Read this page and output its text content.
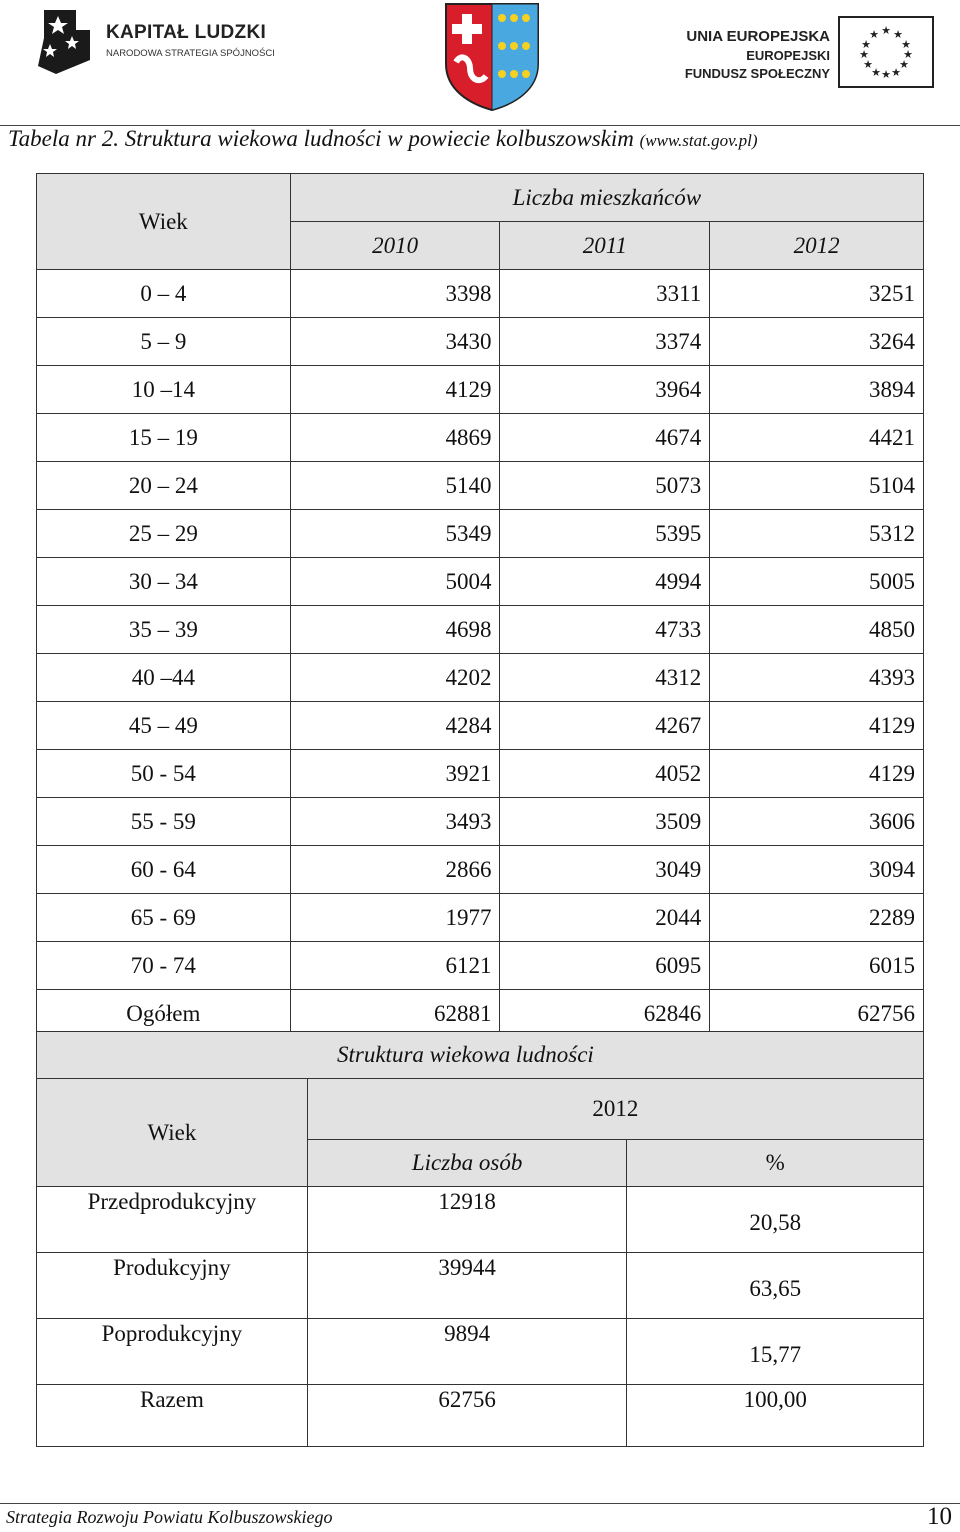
KAPITAŁ LUDZKI
NARODOWA STRATEGIA SPÓJNOŚCI
UNIA EUROPEJSKA
EUROPEJSKI
FUNDUSZ SPOŁECZNY
★ ★
★
★
★
★
★
★
★
★
★
★
Tabela nr 2. Struktura wiekowa ludności w powiecie kolbuszowskim (www.stat.gov.pl)
Wiek	Liczba mieszkańców		
	2010	2011	2012
0 – 4	3398	3311	3251
5 – 9	3430	3374	3264
10 –14	4129	3964	3894
15 – 19	4869	4674	4421
20 – 24	5140	5073	5104
25 – 29	5349	5395	5312
30 – 34	5004	4994	5005
35 – 39	4698	4733	4850
40 –44	4202	4312	4393
45 – 49	4284	4267	4129
50 - 54	3921	4052	4129
55 - 59	3493	3509	3606
60 - 64	2866	3049	3094
65 - 69	1977	2044	2289
70 - 74	6121	6095	6015
Ogółem	62881	62846	62756
Struktura wiekowa ludności		
Wiek	2012	
	Liczba osób	%
Przedprodukcyjny	12918	20,58
Produkcyjny	39944	63,65
Poprodukcyjny	9894	15,77
Razem	62756	100,00
Strategia Rozwoju Powiatu Kolbuszowskiego	10
